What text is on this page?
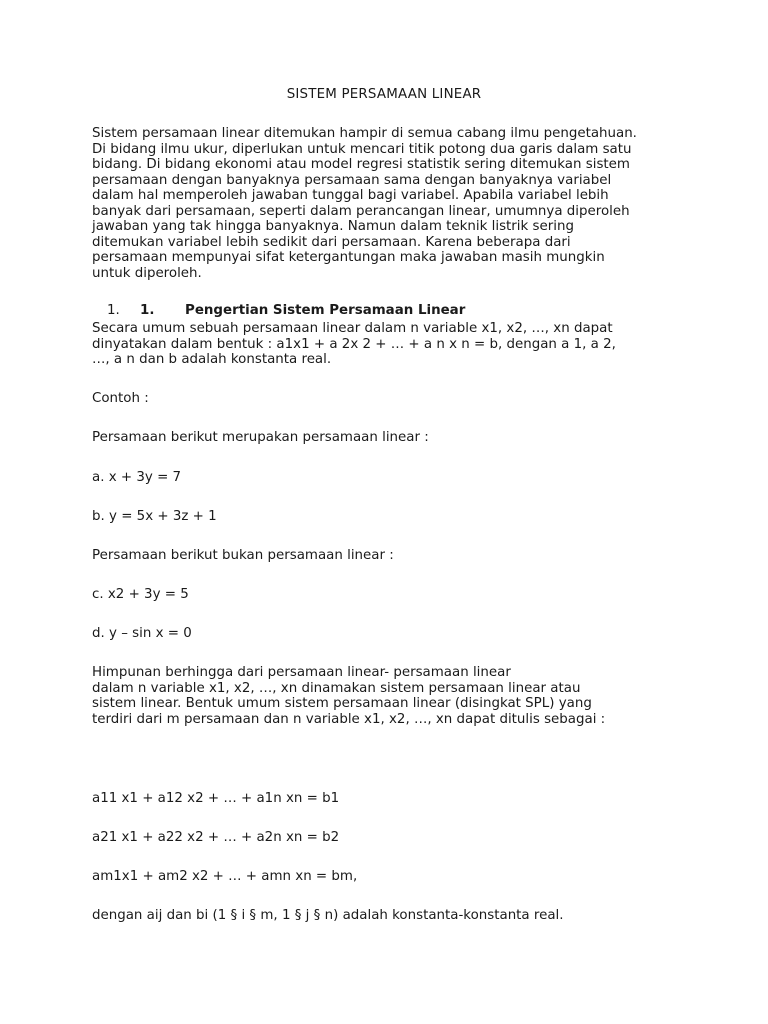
SISTEM PERSAMAAN LINEAR
Sistem persamaan linear ditemukan hampir di semua cabang ilmu pengetahuan.
Di bidang ilmu ukur, diperlukan untuk mencari titik potong dua garis dalam satu
bidang. Di bidang ekonomi atau model regresi statistik sering ditemukan sistem
persamaan dengan banyaknya persamaan sama dengan banyaknya variabel
dalam hal memperoleh jawaban tunggal bagi variabel. Apabila variabel lebih
banyak dari persamaan, seperti dalam perancangan linear, umumnya diperoleh
jawaban yang tak hingga banyaknya. Namun dalam teknik listrik sering
ditemukan variabel lebih sedikit dari persamaan. Karena beberapa dari
persamaan mempunyai sifat ketergantungan maka jawaban masih mungkin
untuk diperoleh.
1. 1. Pengertian Sistem Persamaan Linear
Secara umum sebuah persamaan linear dalam n variable x1, x2, …, xn dapat
dinyatakan dalam bentuk : a1x1 + a 2x 2 + … + a n x n = b, dengan a 1, a 2,
…, a n dan b adalah konstanta real.
Contoh :
Persamaan berikut merupakan persamaan linear :
a. x + 3y = 7
b. y = 5x + 3z + 1
Persamaan berikut bukan persamaan linear :
c. x2 + 3y = 5
d. y – sin x = 0
Himpunan berhingga dari persamaan linear- persamaan linear
dalam n variable x1, x2, …, xn dinamakan sistem persamaan linear atau
sistem linear. Bentuk umum sistem persamaan linear (disingkat SPL) yang
terdiri dari m persamaan dan n variable x1, x2, …, xn dapat ditulis sebagai :
a11 x1 + a12 x2 + … + a1n xn = b1
a21 x1 + a22 x2 + … + a2n xn = b2
am1x1 + am2 x2 + … + amn xn = bm,
dengan aij dan bi (1 § i § m, 1 § j § n) adalah konstanta-konstanta real.
